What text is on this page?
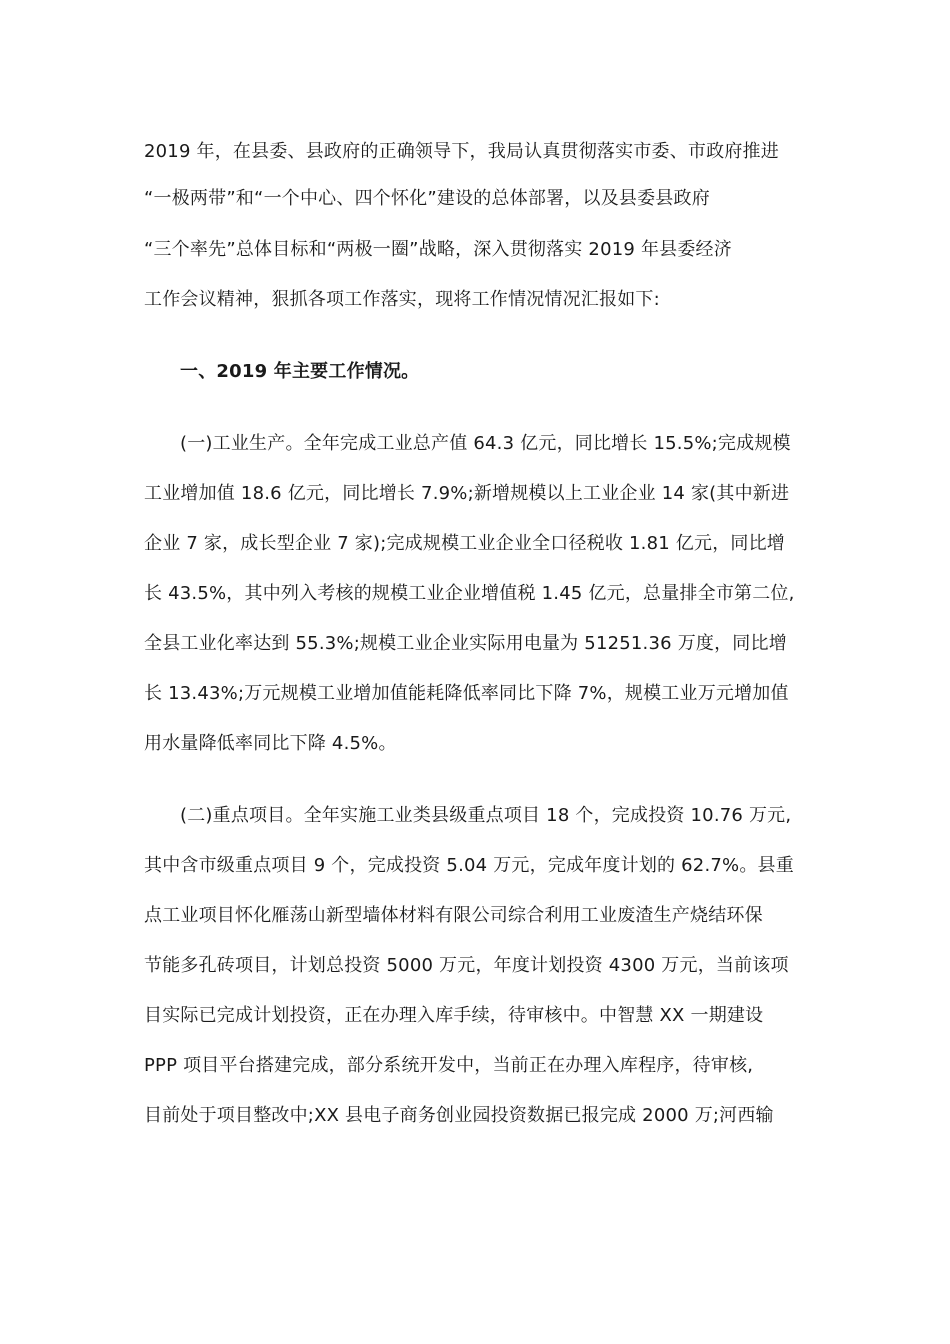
2019 年，在县委、县政府的正确领导下，我局认真贯彻落实市委、市政府推进
“一极两带”和“一个中心、四个怀化”建设的总体部署，以及县委县政府
“三个率先”总体目标和“两极一圈”战略，深入贯彻落实 2019 年县委经济
工作会议精神，狠抓各项工作落实，现将工作情况情况汇报如下:
一、2019 年主要工作情况。
(一)工业生产。全年完成工业总产值 64.3 亿元，同比增长 15.5%;完成规模
工业增加值 18.6 亿元，同比增长 7.9%;新增规模以上工业企业 14 家(其中新进
企业 7 家，成长型企业 7 家);完成规模工业企业全口径税收 1.81 亿元，同比增
长 43.5%，其中列入考核的规模工业企业增值税 1.45 亿元，总量排全市第二位,
全县工业化率达到 55.3%;规模工业企业实际用电量为 51251.36 万度，同比增
长 13.43%;万元规模工业增加值能耗降低率同比下降 7%，规模工业万元增加值
用水量降低率同比下降 4.5%。
(二)重点项目。全年实施工业类县级重点项目 18 个，完成投资 10.76 万元,
其中含市级重点项目 9 个，完成投资 5.04 万元，完成年度计划的 62.7%。县重
点工业项目怀化雁荡山新型墙体材料有限公司综合利用工业废渣生产烧结环保
节能多孔砖项目，计划总投资 5000 万元，年度计划投资 4300 万元，当前该项
目实际已完成计划投资，正在办理入库手续，待审核中。中智慧 XX 一期建设
PPP 项目平台搭建完成，部分系统开发中，当前正在办理入库程序，待审核,
目前处于项目整改中;XX 县电子商务创业园投资数据已报完成 2000 万;河西输
